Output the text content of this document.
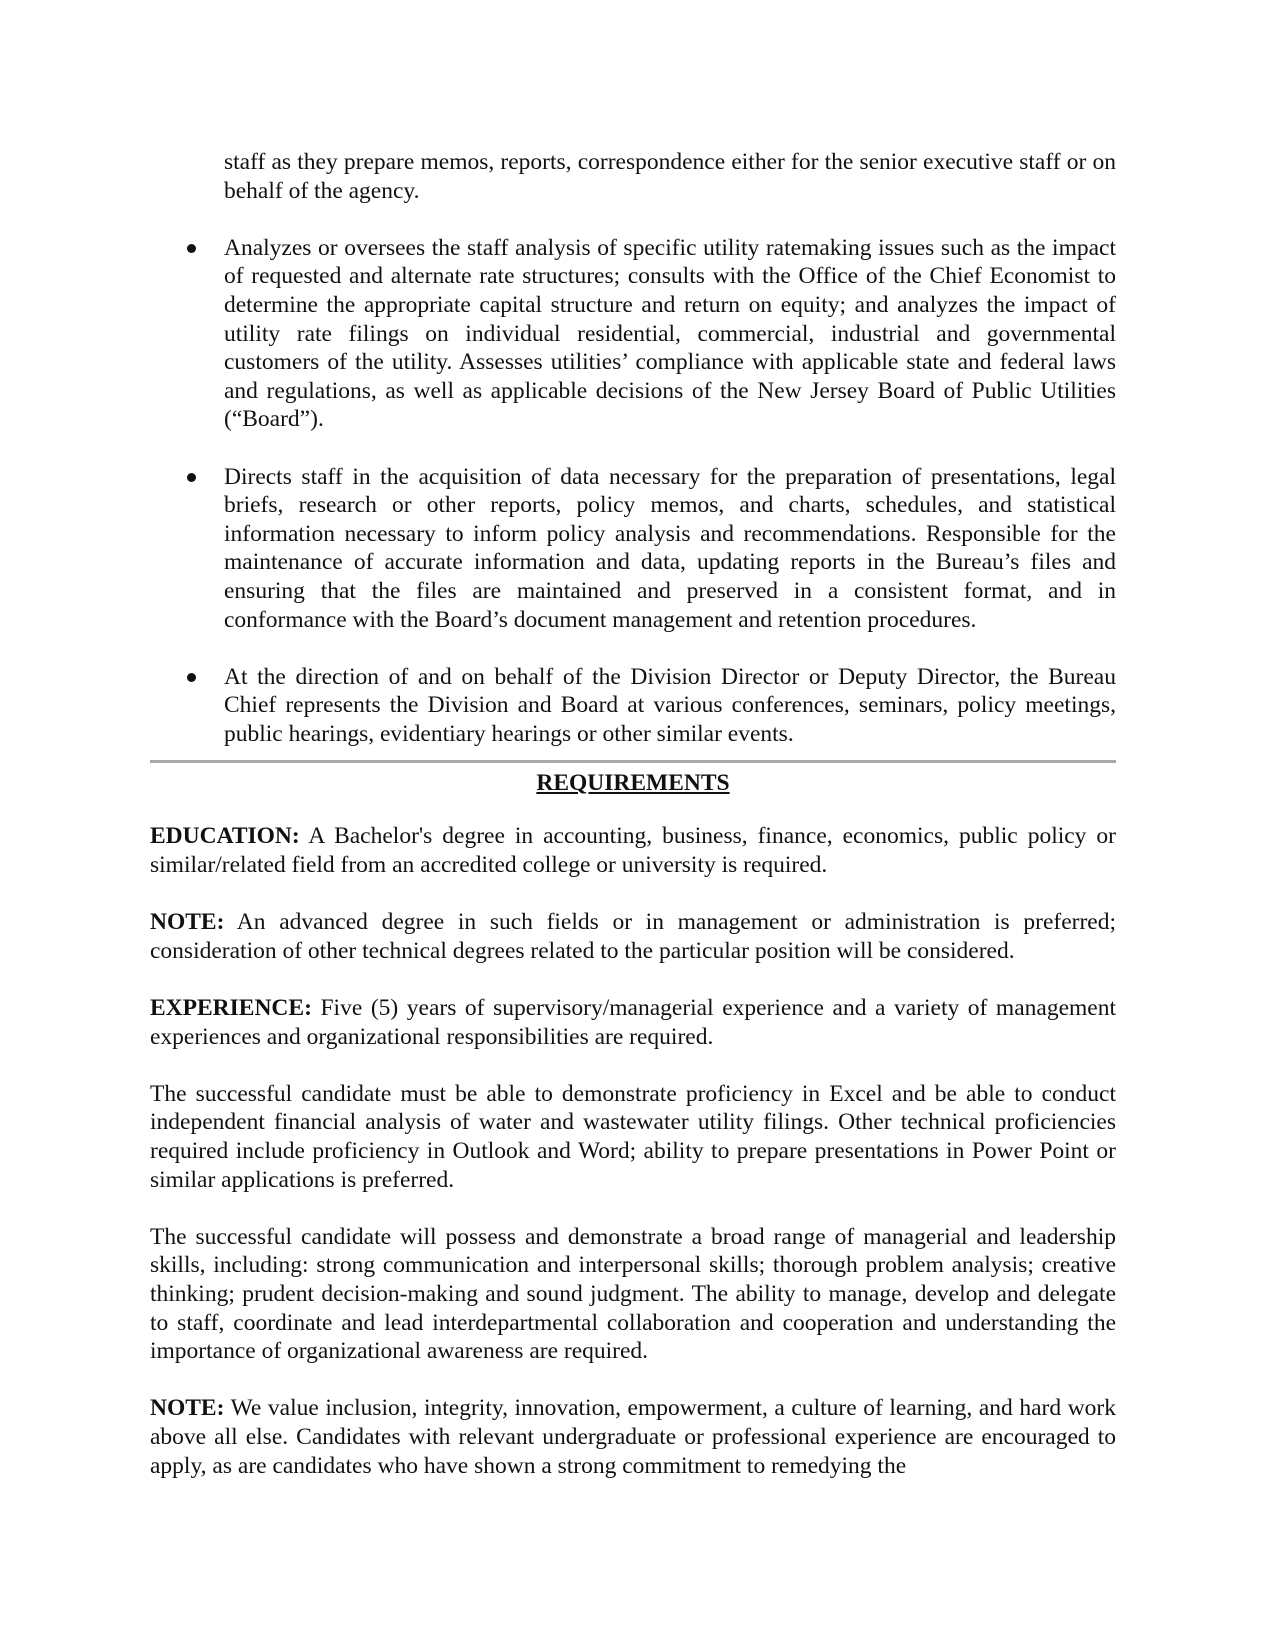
staff as they prepare memos, reports, correspondence either for the senior executive staff or on behalf of the agency.

Analyzes or oversees the staff analysis of specific utility ratemaking issues such as the impact of requested and alternate rate structures; consults with the Office of the Chief Economist to determine the appropriate capital structure and return on equity; and analyzes the impact of utility rate filings on individual residential, commercial, industrial and governmental customers of the utility. Assesses utilities’ compliance with applicable state and federal laws and regulations, as well as applicable decisions of the New Jersey Board of Public Utilities (“Board”).
Directs staff in the acquisition of data necessary for the preparation of presentations, legal briefs, research or other reports, policy memos, and charts, schedules, and statistical information necessary to inform policy analysis and recommendations. Responsible for the maintenance of accurate information and data, updating reports in the Bureau’s files and ensuring that the files are maintained and preserved in a consistent format, and in conformance with the Board’s document management and retention procedures.
At the direction of and on behalf of the Division Director or Deputy Director, the Bureau Chief represents the Division and Board at various conferences, seminars, policy meetings, public hearings, evidentiary hearings or other similar events.
REQUIREMENTS

EDUCATION: A Bachelor's degree in accounting, business, finance, economics, public policy or similar/related field from an accredited college or university is required.

NOTE: An advanced degree in such fields or in management or administration is preferred; consideration of other technical degrees related to the particular position will be considered.

EXPERIENCE: Five (5) years of supervisory/managerial experience and a variety of management experiences and organizational responsibilities are required.

The successful candidate must be able to demonstrate proficiency in Excel and be able to conduct independent financial analysis of water and wastewater utility filings. Other technical proficiencies required include proficiency in Outlook and Word; ability to prepare presentations in Power Point or similar applications is preferred.

The successful candidate will possess and demonstrate a broad range of managerial and leadership skills, including: strong communication and interpersonal skills; thorough problem analysis; creative thinking; prudent decision-making and sound judgment. The ability to manage, develop and delegate to staff, coordinate and lead interdepartmental collaboration and cooperation and understanding the importance of organizational awareness are required.

NOTE: We value inclusion, integrity, innovation, empowerment, a culture of learning, and hard work above all else. Candidates with relevant undergraduate or professional experience are encouraged to apply, as are candidates who have shown a strong commitment to remedying the
